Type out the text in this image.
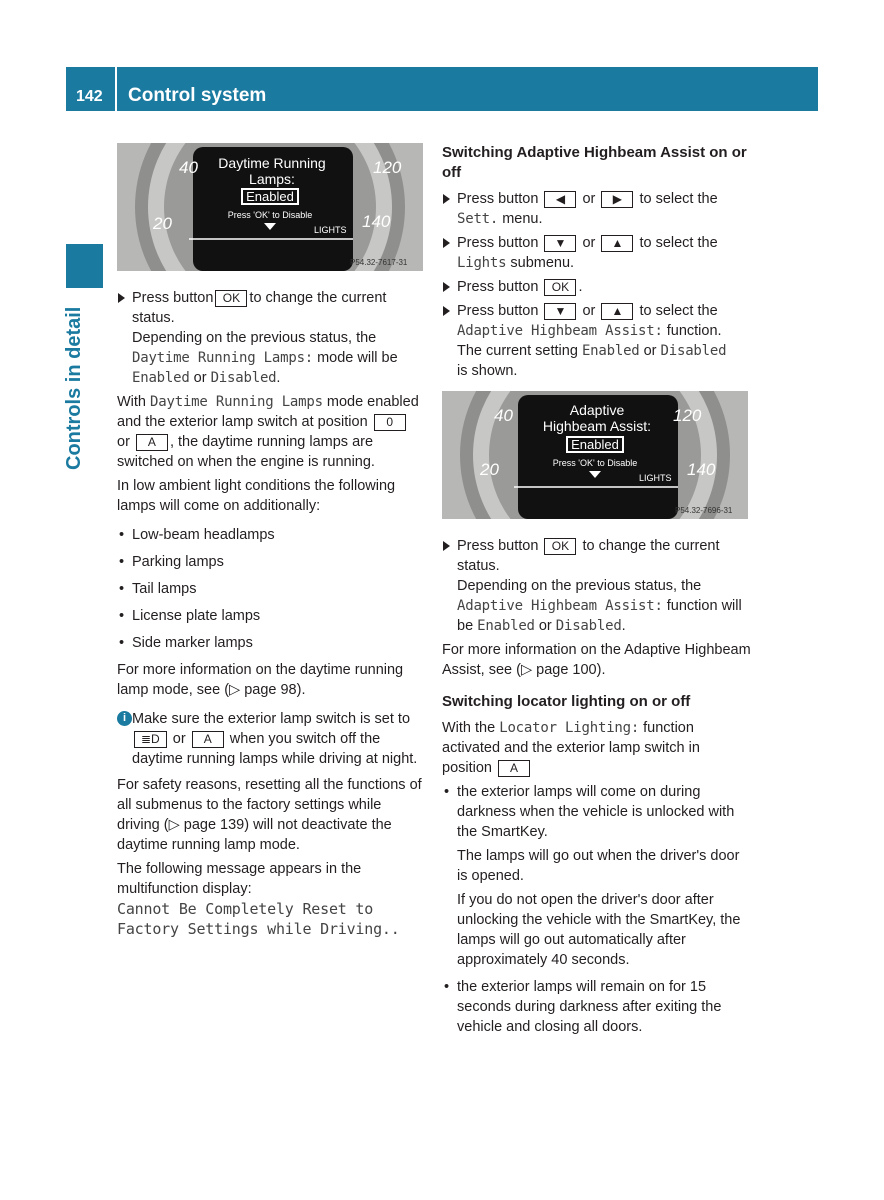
142 Control system
Controls in detail
40	120
20	140
Daytime Running
Lamps:
Enabled
Press 'OK' to Disable
LIGHTS
P54.32-7617-31
Press button OK to change the current status.
Depending on the previous status, the
Daytime Running Lamps: mode will be
Enabled or Disabled.

With Daytime Running Lamps mode enabled and the exterior lamp switch at position 0 or A , the daytime running lamps are switched on when the engine is running.

In low ambient light conditions the following lamps will come on additionally:

• Low-beam headlamps
• Parking lamps
• Tail lamps
• License plate lamps
• Side marker lamps

For more information on the daytime running lamp mode, see (▷ page 98).

i Make sure the exterior lamp switch is set to ≣D or A when you switch off the daytime running lamps while driving at night.

For safety reasons, resetting all the functions of all submenus to the factory settings while driving (▷ page 139) will not deactivate the daytime running lamp mode.

The following message appears in the multifunction display:

Cannot Be Completely Reset to
Factory Settings while Driving..
Switching Adaptive Highbeam Assist on or off
Press button ◀ or ▶ to select the
Sett. menu.
Press button ▼ or ▲ to select the
Lights submenu.
Press button OK .
Press button ▼ or ▲ to select the
Adaptive Highbeam Assist: function.
The current setting Enabled or Disabled
is shown.
40	120
20	140
Adaptive
Highbeam Assist:
Enabled
Press 'OK' to Disable
LIGHTS
P54.32-7696-31
Press button OK to change the current status.
Depending on the previous status, the
Adaptive Highbeam Assist: function will be Enabled or Disabled.

For more information on the Adaptive Highbeam Assist, see (▷ page 100).

Switching locator lighting on or off

With the Locator Lighting: function activated and the exterior lamp switch in position A

• the exterior lamps will come on during darkness when the vehicle is unlocked with the SmartKey.
The lamps will go out when the driver's door is opened.
If you do not open the driver's door after unlocking the vehicle with the SmartKey, the lamps will go out automatically after approximately 40 seconds.
• the exterior lamps will remain on for 15 seconds during darkness after exiting the vehicle and closing all doors.
